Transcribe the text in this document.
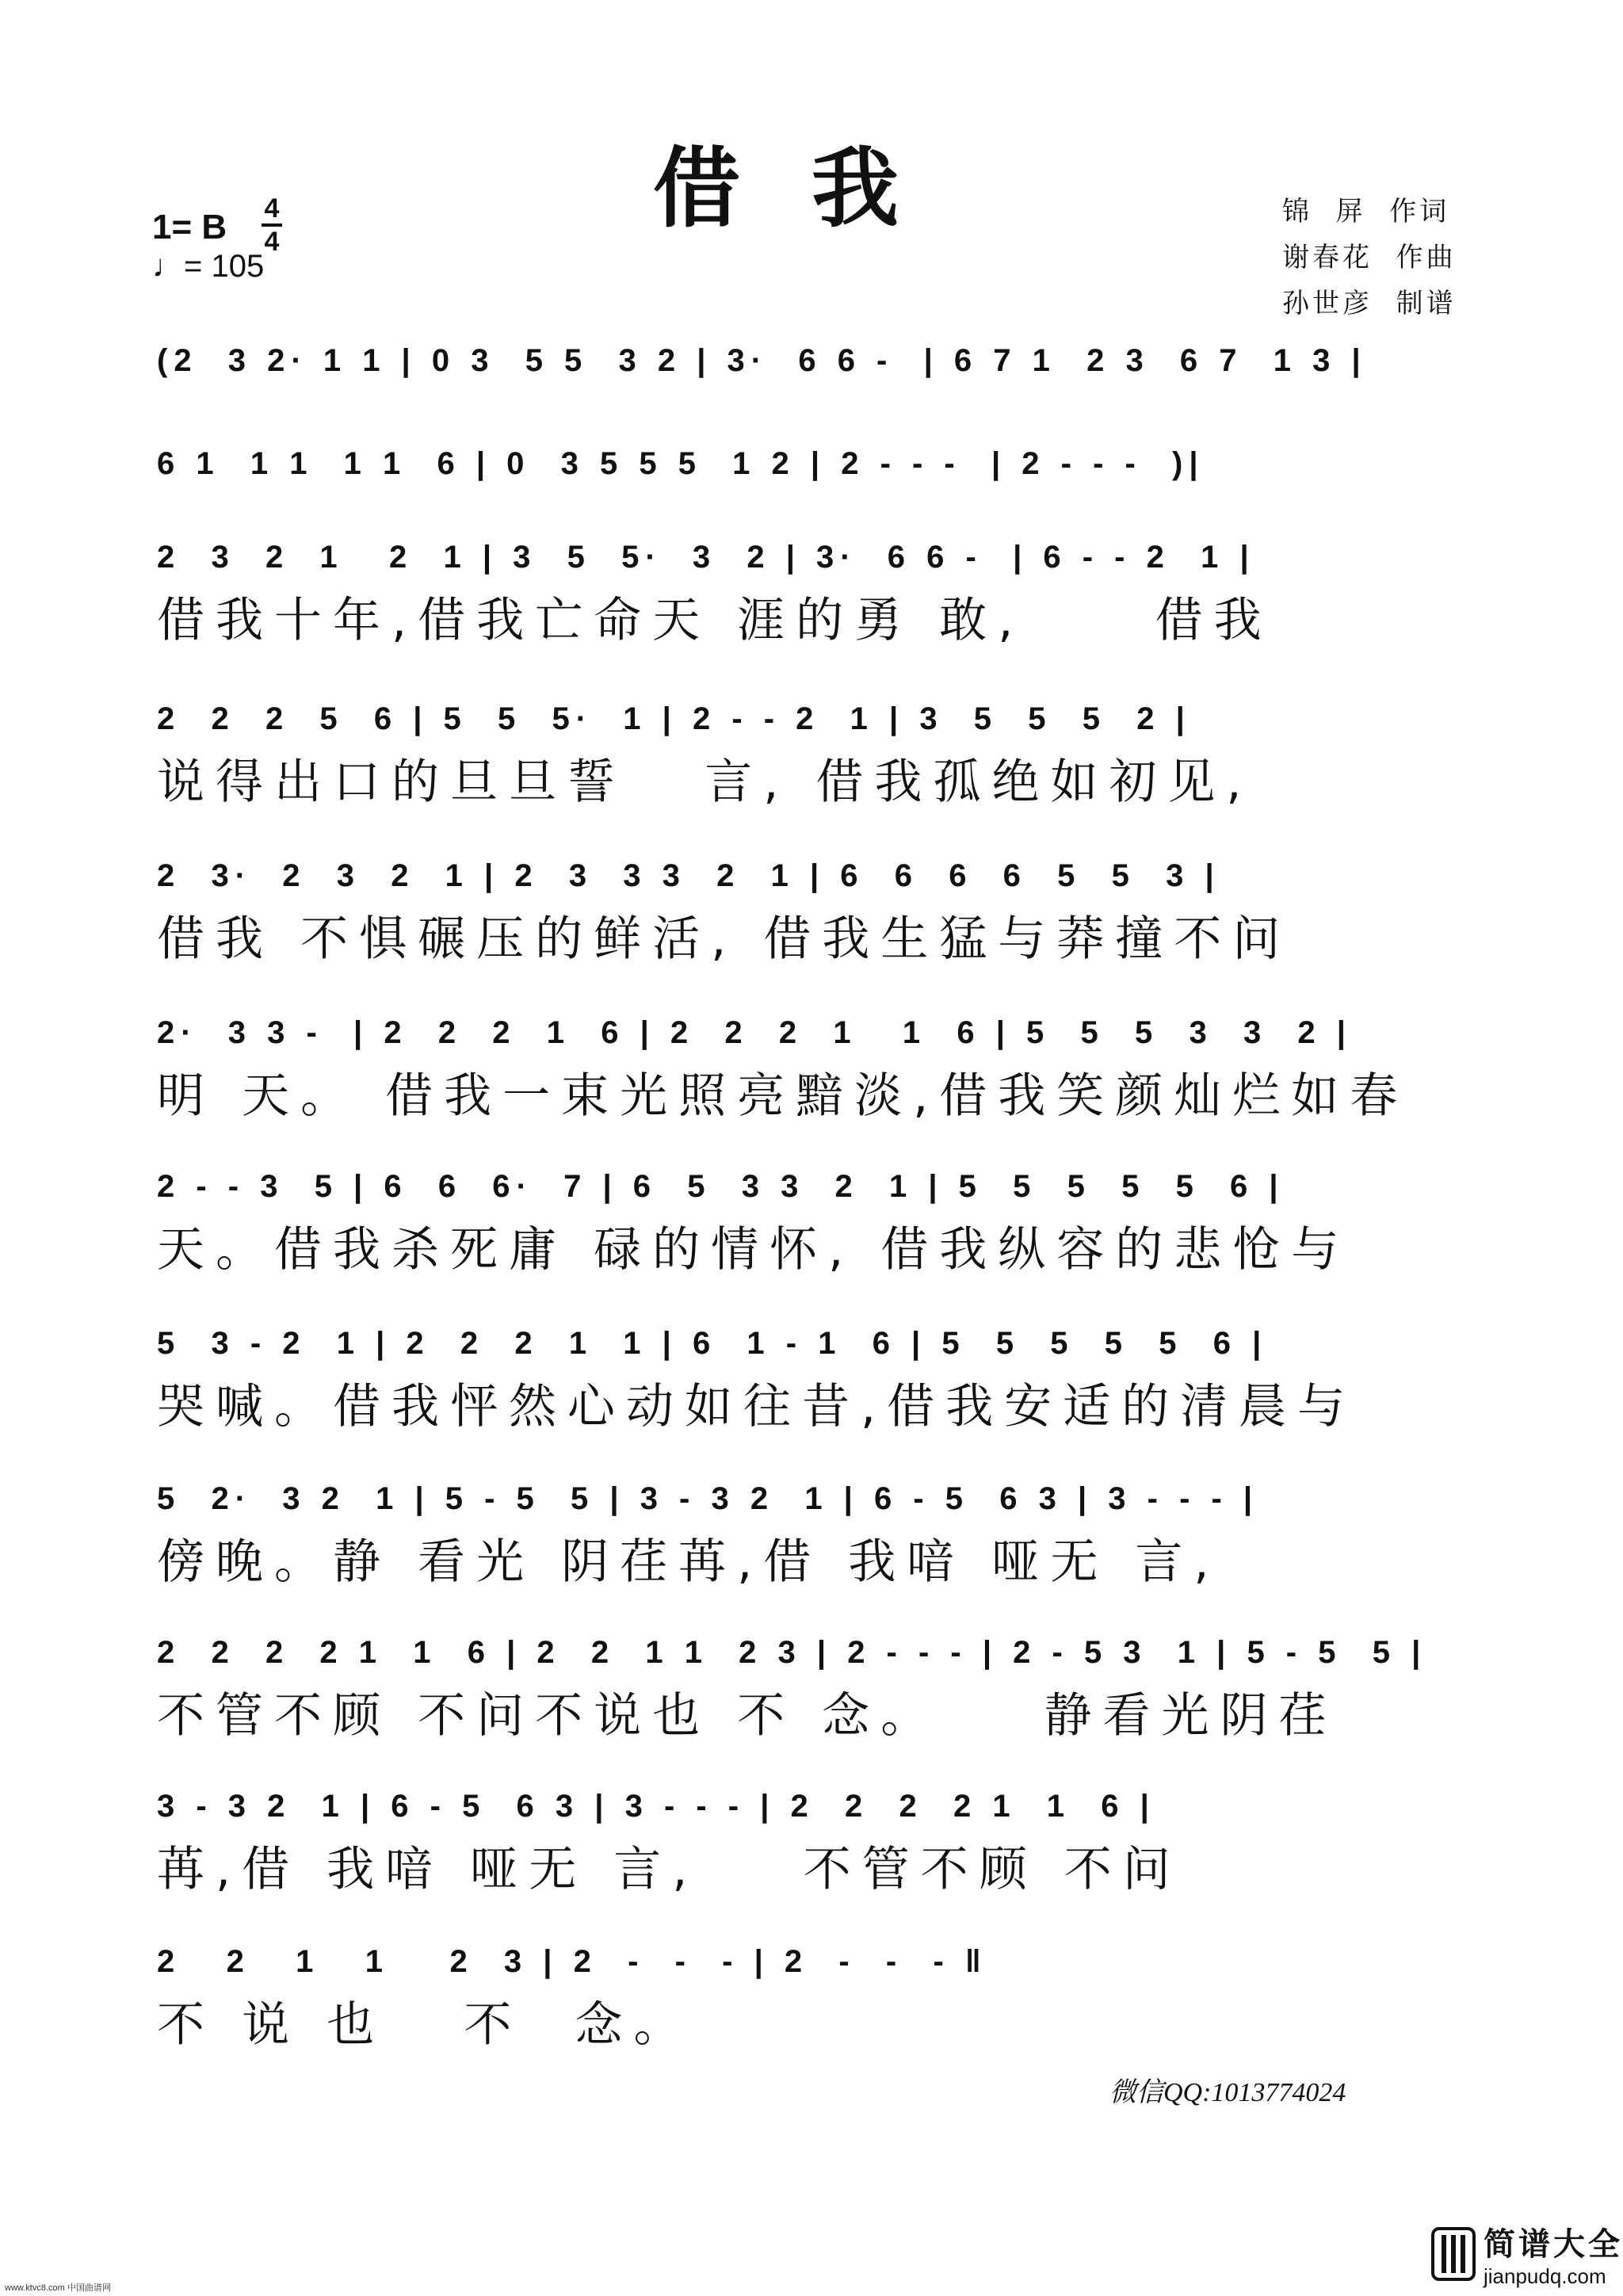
借我
1= B 4
4
♩= 105
锦  屏  作词
谢春花  作曲
孙世彦  制谱
(2  3 2· 1 1 | 0 3  5 5  3 2 | 3·  6 6 -  | 6 7 1  2 3  6 7  1 3 |
6 1  1 1  1 1  6 | 0  3 5 5 5  1 2 | 2 - - -  | 2 - - -  )|
2  3  2  1   2  1 | 3  5  5·  3  2 | 3·  6 6 -  | 6 - - 2  1 |
借我十年,借我亡命天 涯的勇 敢,     借我
2  2  2  5  6 | 5  5  5·  1 | 2 - - 2  1 | 3  5  5  5  2 |
说得出口的旦旦誓   言, 借我孤绝如初见,
2  3·  2  3  2  1 | 2  3  3 3  2  1 | 6  6  6  6  5  5  3 |
借我 不惧碾压的鲜活, 借我生猛与莽撞不问
2·  3 3 -  | 2  2  2  1  6 | 2  2  2  1   1  6 | 5  5  5  3  3  2 |
明 天。 借我一束光照亮黯淡,借我笑颜灿烂如春
2 - - 3  5 | 6  6  6·  7 | 6  5  3 3  2  1 | 5  5  5  5  5  6 |
天。借我杀死庸 碌的情怀, 借我纵容的悲怆与
5  3 - 2  1 | 2  2  2  1  1 | 6  1 - 1  6 | 5  5  5  5  5  6 |
哭喊。借我怦然心动如往昔,借我安适的清晨与
5  2·  3 2  1 | 5 - 5  5 | 3 - 3 2  1 | 6 - 5  6 3 | 3 - - - |
傍晚。静 看光 阴荏苒,借 我喑 哑无 言,
2  2  2  2 1  1  6 | 2  2  1 1  2 3 | 2 - - - | 2 - 5 3  1 | 5 - 5  5 |
不管不顾 不问不说也 不 念。    静看光阴荏
3 - 3 2  1 | 6 - 5  6 3 | 3 - - - | 2  2  2  2 1  1  6 |
苒,借 我喑 哑无 言,    不管不顾 不问
2   2   1   1    2  3 | 2  -  -  - | 2  -  -  - ‖
不 说 也   不  念。
微信QQ:1013774024
www.ktvc8.com 中国曲谱网
简谱大全
jianpudq.com
